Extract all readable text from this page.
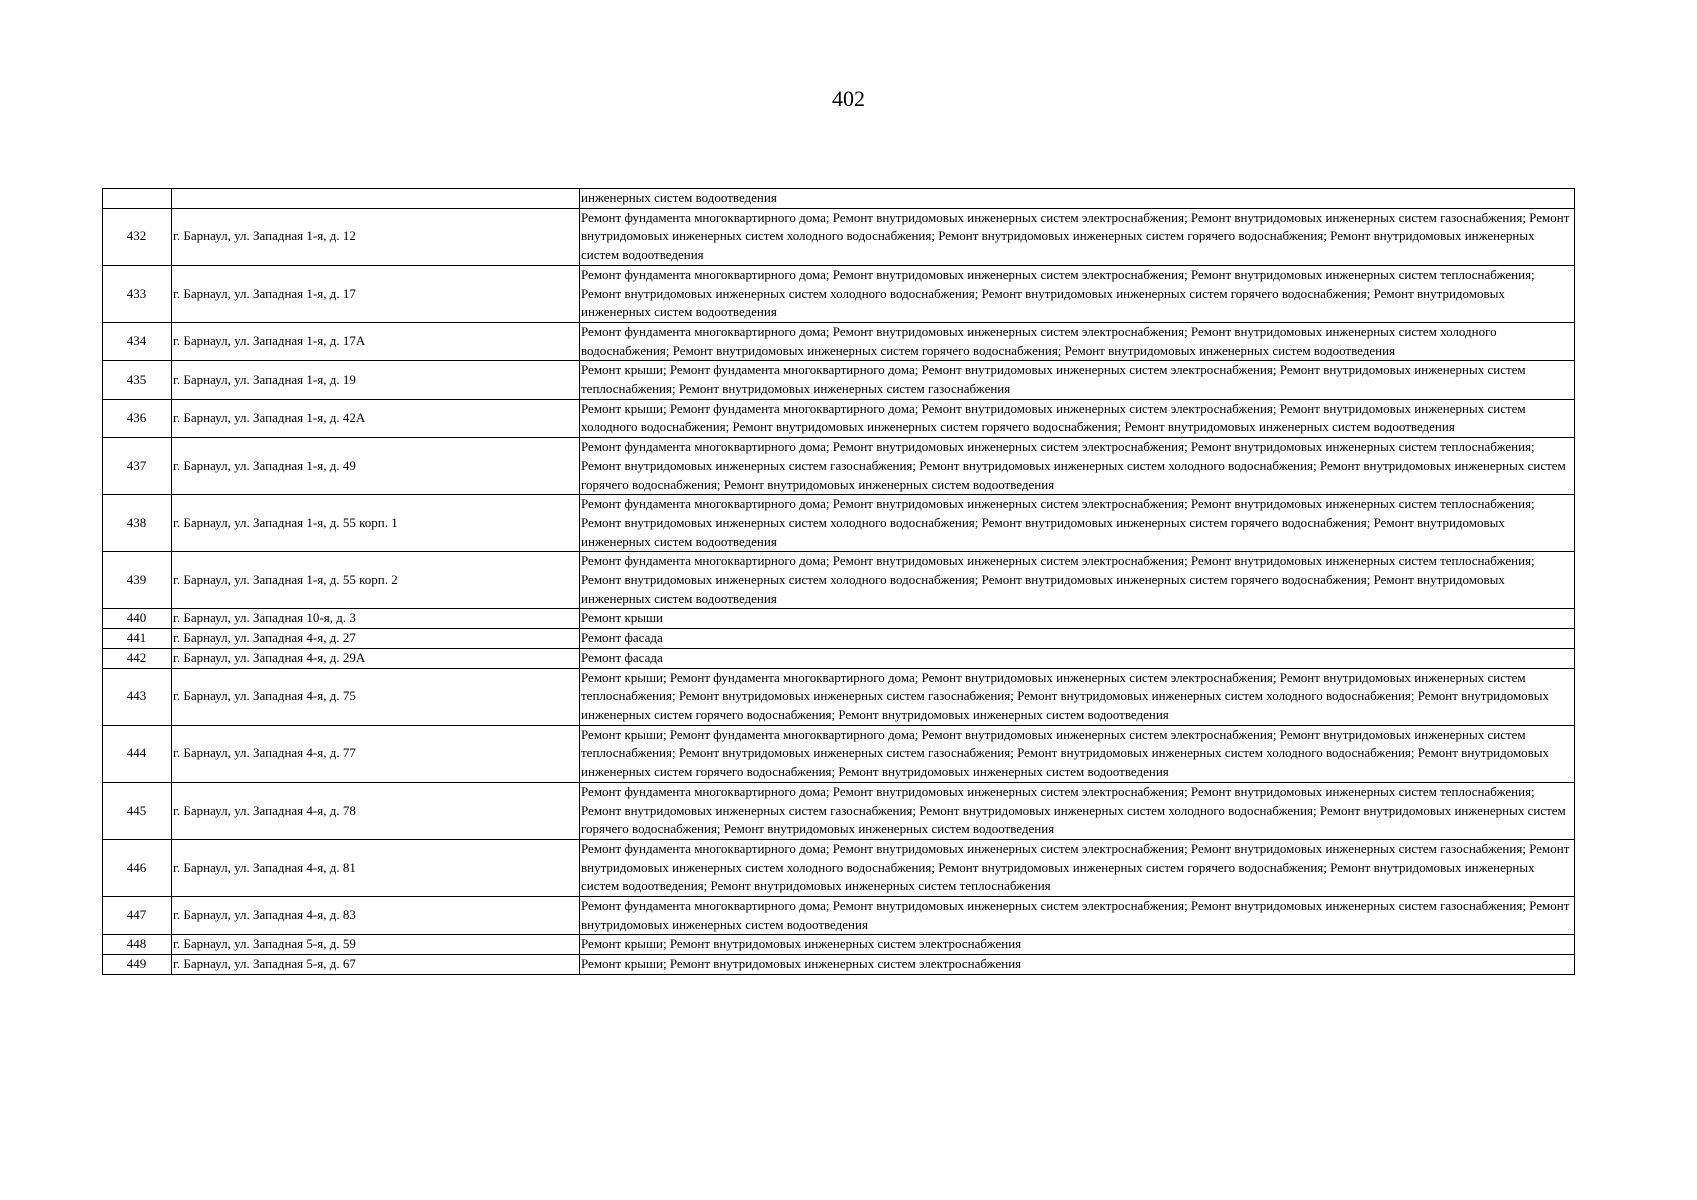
402
		инженерных систем водоотведения
432	г. Барнаул, ул. Западная 1-я, д. 12	Ремонт фундамента многоквартирного дома; Ремонт внутридомовых инженерных систем электроснабжения; Ремонт внутридомовых инженерных систем газоснабжения; Ремонт внутридомовых инженерных систем холодного водоснабжения; Ремонт внутридомовых инженерных систем горячего водоснабжения; Ремонт внутридомовых инженерных систем водоотведения
433	г. Барнаул, ул. Западная 1-я, д. 17	Ремонт фундамента многоквартирного дома; Ремонт внутридомовых инженерных систем электроснабжения; Ремонт внутридомовых инженерных систем теплоснабжения; Ремонт внутридомовых инженерных систем холодного водоснабжения; Ремонт внутридомовых инженерных систем горячего водоснабжения; Ремонт внутридомовых инженерных систем водоотведения
434	г. Барнаул, ул. Западная 1-я, д. 17А	Ремонт фундамента многоквартирного дома; Ремонт внутридомовых инженерных систем электроснабжения; Ремонт внутридомовых инженерных систем холодного водоснабжения; Ремонт внутридомовых инженерных систем горячего водоснабжения; Ремонт внутридомовых инженерных систем водоотведения
435	г. Барнаул, ул. Западная 1-я, д. 19	Ремонт крыши; Ремонт фундамента многоквартирного дома; Ремонт внутридомовых инженерных систем электроснабжения; Ремонт внутридомовых инженерных систем теплоснабжения; Ремонт внутридомовых инженерных систем газоснабжения
436	г. Барнаул, ул. Западная 1-я, д. 42А	Ремонт крыши; Ремонт фундамента многоквартирного дома; Ремонт внутридомовых инженерных систем электроснабжения; Ремонт внутридомовых инженерных систем холодного водоснабжения; Ремонт внутридомовых инженерных систем горячего водоснабжения; Ремонт внутридомовых инженерных систем водоотведения
437	г. Барнаул, ул. Западная 1-я, д. 49	Ремонт фундамента многоквартирного дома; Ремонт внутридомовых инженерных систем электроснабжения; Ремонт внутридомовых инженерных систем теплоснабжения; Ремонт внутридомовых инженерных систем газоснабжения; Ремонт внутридомовых инженерных систем холодного водоснабжения; Ремонт внутридомовых инженерных систем горячего водоснабжения; Ремонт внутридомовых инженерных систем водоотведения
438	г. Барнаул, ул. Западная 1-я, д. 55 корп. 1	Ремонт фундамента многоквартирного дома; Ремонт внутридомовых инженерных систем электроснабжения; Ремонт внутридомовых инженерных систем теплоснабжения; Ремонт внутридомовых инженерных систем холодного водоснабжения; Ремонт внутридомовых инженерных систем горячего водоснабжения; Ремонт внутридомовых инженерных систем водоотведения
439	г. Барнаул, ул. Западная 1-я, д. 55 корп. 2	Ремонт фундамента многоквартирного дома; Ремонт внутридомовых инженерных систем электроснабжения; Ремонт внутридомовых инженерных систем теплоснабжения; Ремонт внутридомовых инженерных систем холодного водоснабжения; Ремонт внутридомовых инженерных систем горячего водоснабжения; Ремонт внутридомовых инженерных систем водоотведения
440	г. Барнаул, ул. Западная 10-я, д. 3	Ремонт крыши
441	г. Барнаул, ул. Западная 4-я, д. 27	Ремонт фасада
442	г. Барнаул, ул. Западная 4-я, д. 29А	Ремонт фасада
443	г. Барнаул, ул. Западная 4-я, д. 75	Ремонт крыши; Ремонт фундамента многоквартирного дома; Ремонт внутридомовых инженерных систем электроснабжения; Ремонт внутридомовых инженерных систем теплоснабжения; Ремонт внутридомовых инженерных систем газоснабжения; Ремонт внутридомовых инженерных систем холодного водоснабжения; Ремонт внутридомовых инженерных систем горячего водоснабжения; Ремонт внутридомовых инженерных систем водоотведения
444	г. Барнаул, ул. Западная 4-я, д. 77	Ремонт крыши; Ремонт фундамента многоквартирного дома; Ремонт внутридомовых инженерных систем электроснабжения; Ремонт внутридомовых инженерных систем теплоснабжения; Ремонт внутридомовых инженерных систем газоснабжения; Ремонт внутридомовых инженерных систем холодного водоснабжения; Ремонт внутридомовых инженерных систем горячего водоснабжения; Ремонт внутридомовых инженерных систем водоотведения
445	г. Барнаул, ул. Западная 4-я, д. 78	Ремонт фундамента многоквартирного дома; Ремонт внутридомовых инженерных систем электроснабжения; Ремонт внутридомовых инженерных систем теплоснабжения; Ремонт внутридомовых инженерных систем газоснабжения; Ремонт внутридомовых инженерных систем холодного водоснабжения; Ремонт внутридомовых инженерных систем горячего водоснабжения; Ремонт внутридомовых инженерных систем водоотведения
446	г. Барнаул, ул. Западная 4-я, д. 81	Ремонт фундамента многоквартирного дома; Ремонт внутридомовых инженерных систем электроснабжения; Ремонт внутридомовых инженерных систем газоснабжения; Ремонт внутридомовых инженерных систем холодного водоснабжения; Ремонт внутридомовых инженерных систем горячего водоснабжения; Ремонт внутридомовых инженерных систем водоотведения; Ремонт внутридомовых инженерных систем теплоснабжения
447	г. Барнаул, ул. Западная 4-я, д. 83	Ремонт фундамента многоквартирного дома; Ремонт внутридомовых инженерных систем электроснабжения; Ремонт внутридомовых инженерных систем газоснабжения; Ремонт внутридомовых инженерных систем водоотведения
448	г. Барнаул, ул. Западная 5-я, д. 59	Ремонт крыши; Ремонт внутридомовых инженерных систем электроснабжения
449	г. Барнаул, ул. Западная 5-я, д. 67	Ремонт крыши; Ремонт внутридомовых инженерных систем электроснабжения
